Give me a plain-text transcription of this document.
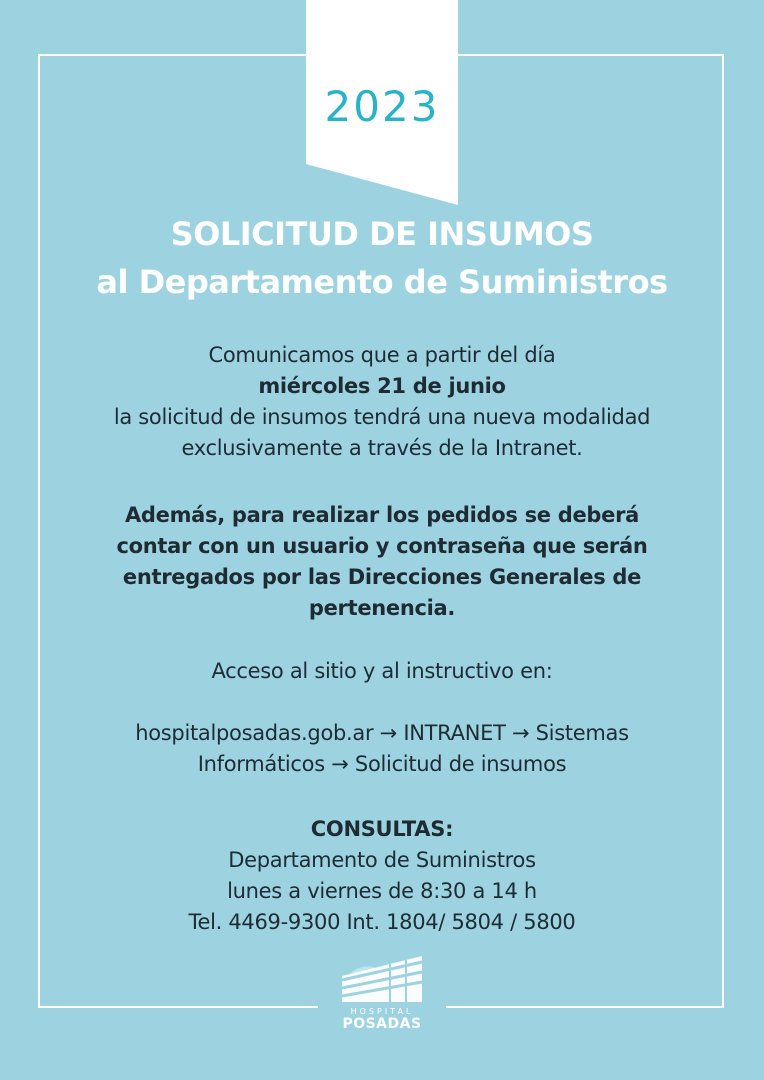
2023
SOLICITUD DE INSUMOS
al Departamento de Suministros
Comunicamos que a partir del día
miércoles 21 de junio
la solicitud de insumos tendrá una nueva modalidad
exclusivamente a través de la Intranet.
Además, para realizar los pedidos se deberá
contar con un usuario y contraseña que serán
entregados por las Direcciones Generales de
pertenencia.
Acceso al sitio y al instructivo en:
hospitalposadas.gob.ar → INTRANET → Sistemas
Informáticos → Solicitud de insumos
CONSULTAS:
Departamento de Suministros
lunes a viernes de 8:30 a 14 h
Tel. 4469-9300 Int. 1804/ 5804 / 5800
HOSPITAL
POSADAS
